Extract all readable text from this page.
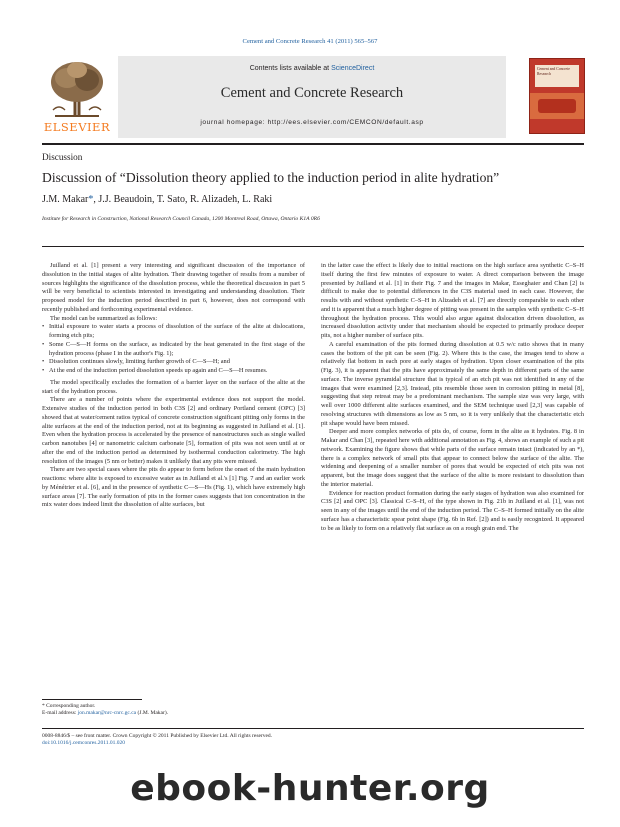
Cement and Concrete Research 41 (2011) 565–567
ELSEVIER
Contents lists available at ScienceDirect
Cement and Concrete Research
journal homepage: http://ees.elsevier.com/CEMCON/default.asp
Cement and Concrete Research
Discussion
Discussion of “Dissolution theory applied to the induction period in alite hydration”
J.M. Makar*, J.J. Beaudoin, T. Sato, R. Alizadeh, L. Raki
Institute for Research in Construction, National Research Council Canada, 1200 Montreal Road, Ottawa, Ontario K1A 0R6

Juilland et al. [1] present a very interesting and significant discussion of the importance of dissolution in the initial stages of alite hydration. Their drawing together of results from a number of sources highlights the significance of the dissolution process, while the theoretical discussion in part 5 will be very beneficial to scientists interested in investigating and understanding dissolution. Their proposed model for the induction period described in part 6, however, does not correspond with recently published and forthcoming experimental evidence.

The model can be summarized as follows:

• Initial exposure to water starts a process of dissolution of the surface of the alite at dislocations, forming etch pits;
• Some C—S—H forms on the surface, as indicated by the heat generated in the first stage of the hydration process (phase I in the author's Fig. 1);
• Dissolution continues slowly, limiting further growth of C—S—H; and
• At the end of the induction period dissolution speeds up again and C—S—H resumes.

The model specifically excludes the formation of a barrier layer on the surface of the alite at the start of the hydration process.

There are a number of points where the experimental evidence does not support the model. Extensive studies of the induction period in both C3S [2] and ordinary Portland cement (OPC) [3] showed that at water/cement ratios typical of concrete construction significant pitting only forms in the alite surfaces at the end of the induction period, not at its beginning as suggested in Juilland et al. [1]. Even when the hydration process is accelerated by the presence of nanostructures such as single walled carbon nanotubes [4] or nanometric calcium carbonate [5], formation of pits was not seen until at or after the end of the induction period as determined by isothermal conduction calorimetry. The high resolution of the images (5 nm or better) makes it unlikely that any pits were missed.

There are two special cases where the pits do appear to form before the onset of the main hydration reactions: where alite is exposed to excessive water as in Juilland et al.'s [1] Fig. 7 and an earlier work by Ménétrier et al. [6], and in the presence of synthetic C—S—Hs (Fig. 1), which have extremely high surface areas [7]. The early formation of pits in the former cases suggests that ion concentration in the mix water does indeed limit the dissolution of alite surfaces, but

in the latter case the effect is likely due to initial reactions on the high surface area synthetic C–S–H itself during the first few minutes of exposure to water. A direct comparison between the image presented by Juilland et al. [1] in their Fig. 7 and the images in Makar, Esseghaier and Chan [2] is difficult to make due to potential differences in the C3S material used in each case. However, the results with and without synthetic C–S–H in Alizadeh et al. [7] are directly comparable to each other and it is apparent that a much higher degree of pitting was present in the samples with synthetic C–S–H throughout the hydration process. This would also argue against dislocation driven dissolution, as increased dissolution activity under that mechanism should be expected to primarily produce deeper pits, not a higher number of surface pits.

A careful examination of the pits formed during dissolution at 0.5 w/c ratio shows that in many cases the bottom of the pit can be seen (Fig. 2). Where this is the case, the images tend to show a relatively flat bottom in each pore at early stages of hydration. Upon closer examination of the pits (Fig. 3), it is apparent that the pits have approximately the same depth in different parts of the same surface. The inverse pyramidal structure that is typical of an etch pit was not identified in any of the images that were examined [2,3]. Instead, pits resemble those seen in corrosion pitting in metal [8], suggesting that step retreat may be a predominant mechanism. The sample size was very large, with well over 1000 different alite surfaces examined, and the SEM technique used [2,3] was capable of resolving structures with dimensions as low as 5 nm, so it is very unlikely that the characteristic etch pit shape would have been missed.

Deeper and more complex networks of pits do, of course, form in the alite as it hydrates. Fig. 8 in Makar and Chan [3], repeated here with additional annotation as Fig. 4, shows an example of such a pit network. Examining the figure shows that while parts of the surface remain intact (indicated by an *), there is a complex network of small pits that appear to connect below the surface of the alite. The widening and deepening of a smaller number of pores that would be expected of etch pits was not apparent, but the image does suggest that the surface of the alite is more resistant to dissolution than the interior material.

Evidence for reaction product formation during the early stages of hydration was also examined for C3S [2] and OPC [3]. Classical C–S–H, of the type shown in Fig. 21b in Juilland et al. [1], was not seen in any of the images until the end of the induction period. The C–S–H formed initially on the alite surface has a characteristic spear point shape (Fig. 6b in Ref. [2]) and is easily recognized. It appeared to be as likely to form on a relatively flat surface as on a rough grain end. The

* Corresponding author.
E-mail address: jon.makar@nrc-cnrc.gc.ca (J.M. Makar).
0008-8846/$ – see front matter. Crown Copyright © 2011 Published by Elsevier Ltd. All rights reserved.
doi:10.1016/j.cemconres.2011.01.020
ebook-hunter.org
